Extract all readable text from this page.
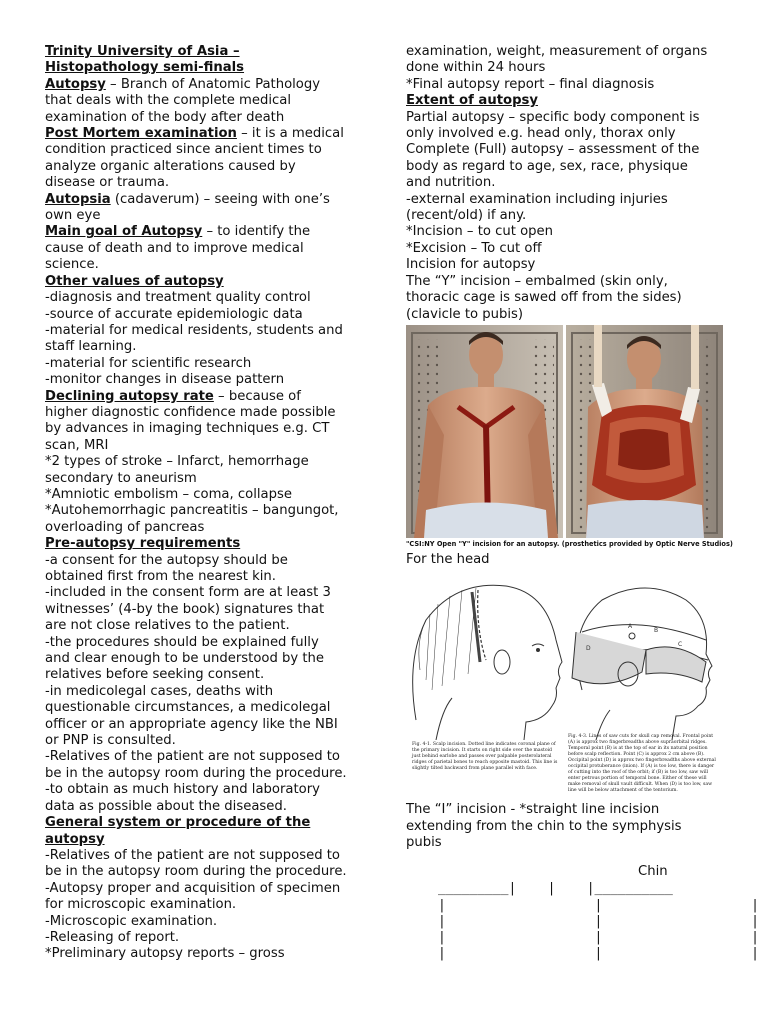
Trinity University of Asia –
Histopathology semi-finals
Autopsy – Branch of Anatomic Pathology
that deals with the complete medical
examination of the body after death
Post Mortem examination – it is a medical
condition practiced since ancient times to
analyze organic alterations caused by
disease or trauma.
Autopsia (cadaverum) – seeing with one’s
own eye
Main goal of Autopsy – to identify the
cause of death and to improve medical
science.
Other values of autopsy
-diagnosis and treatment quality control
-source of accurate epidemiologic data
-material for medical residents, students and
staff learning.
-material for scientific research
-monitor changes in disease pattern
Declining autopsy rate – because of
higher diagnostic confidence made possible
by advances in imaging techniques e.g. CT
scan, MRI
*2 types of stroke – Infarct, hemorrhage
secondary to aneurism
*Amniotic embolism – coma, collapse
*Autohemorrhagic pancreatitis – bangungot,
overloading of pancreas
Pre-autopsy requirements
-a consent for the autopsy should be
obtained first from the nearest kin.
-included in the consent form are at least 3
witnesses’ (4-by the book) signatures that
are not close relatives to the patient.
-the procedures should be explained fully
and clear enough to be understood by the
relatives before seeking consent.
-in medicolegal cases, deaths with
questionable circumstances, a medicolegal
officer or an appropriate agency like the NBI
or PNP is consulted.
-Relatives of the patient are not supposed to
be in the autopsy room during the procedure.
-to obtain as much history and laboratory
data as possible about the diseased.
General system or procedure of the
autopsy
-Relatives of the patient are not supposed to
be in the autopsy room during the procedure.
-Autopsy proper and acquisition of specimen
for microscopic examination.
-Microscopic examination.
-Releasing of report.
*Preliminary autopsy reports – gross
examination, weight, measurement of organs
done within 24 hours
*Final autopsy report – final diagnosis
Extent of autopsy
Partial autopsy – specific body component is
only involved e.g. head only, thorax only
Complete (Full) autopsy – assessment of the
body as regard to age, sex, race, physique
and nutrition.
-external examination including injuries
(recent/old) if any.
*Incision – to cut open
*Excision – To cut off
Incision for autopsy
The “Y” incision – embalmed (skin only,
thoracic cage is sawed off from the sides)
(clavicle to pubis)
"CSI:NY Open "Y" incision for an autopsy. (prosthetics provided by Optic Nerve Studios)
For the head
A
B
C
D
Fig. 4-1. Scalp incision. Dotted line indicates coronal plane of the primary incision. It starts on right side over the mastoid just behind earlobe and passes over palpable posterolateral ridges of parietal bones to reach opposite mastoid. This line is slightly tilted backward from plane parallel with face.
Fig. 4-3. Lines of saw cuts for skull cap removal. Frontal point (A) is approx two fingerbreadths above supraorbital ridges. Temporal point (B) is at the top of ear in its natural position before scalp reflection. Point (C) is approx 2 cm above (B). Occipital point (D) is approx two fingerbreadths above external occipital protuberance (inion). If (A) is too low, there is danger of cutting into the roof of the orbit; if (B) is too low, saw will enter petrous portion of temporal bone. Either of these will make removal of skull vault difficult. When (D) is too low, saw line will be below attachment of the tentorium.
The “I” incision - *straight line incision
extending from the chin to the symphysis
pubis
Chin
_________|    |    |__________
|                   |                   |
|                   |                   |
|                   |                   |
|                   |                   |
